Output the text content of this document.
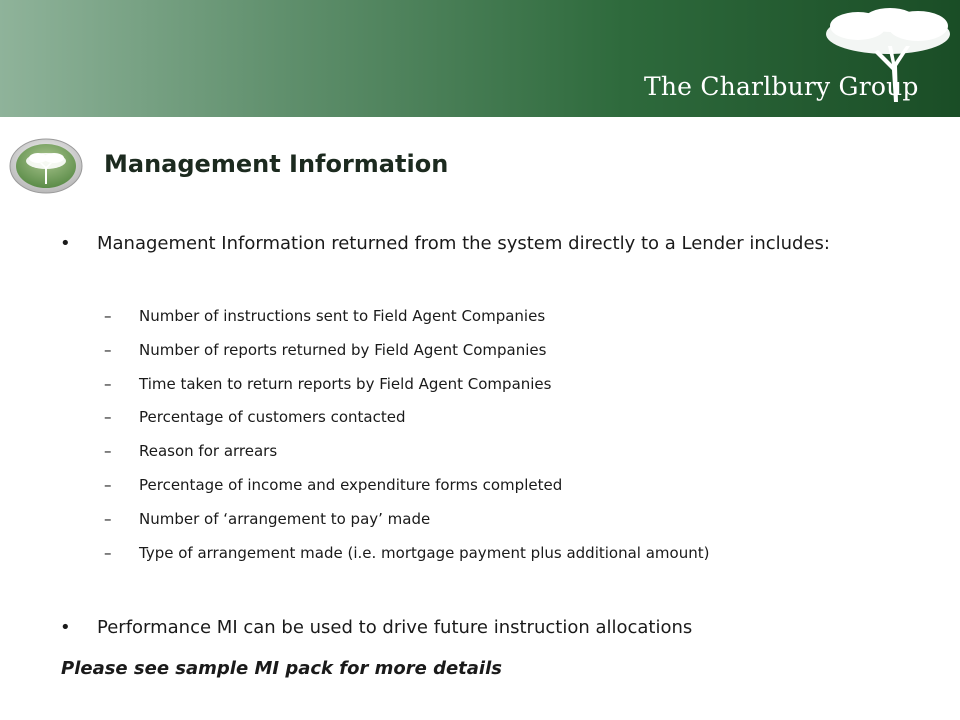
The Charlbury Group
Management Information
•	Management Information returned from the system directly to a Lender includes:
– Number of instructions sent to Field Agent Companies
– Number of reports returned by Field Agent Companies
– Time taken to return reports by Field Agent Companies
– Percentage of customers contacted
– Reason for arrears
– Percentage of income and expenditure forms completed
– Number of ‘arrangement to pay’ made
– Type of arrangement made (i.e. mortgage payment plus additional amount)
•	Performance MI can be used to drive future instruction allocations
Please see sample MI pack for more details
